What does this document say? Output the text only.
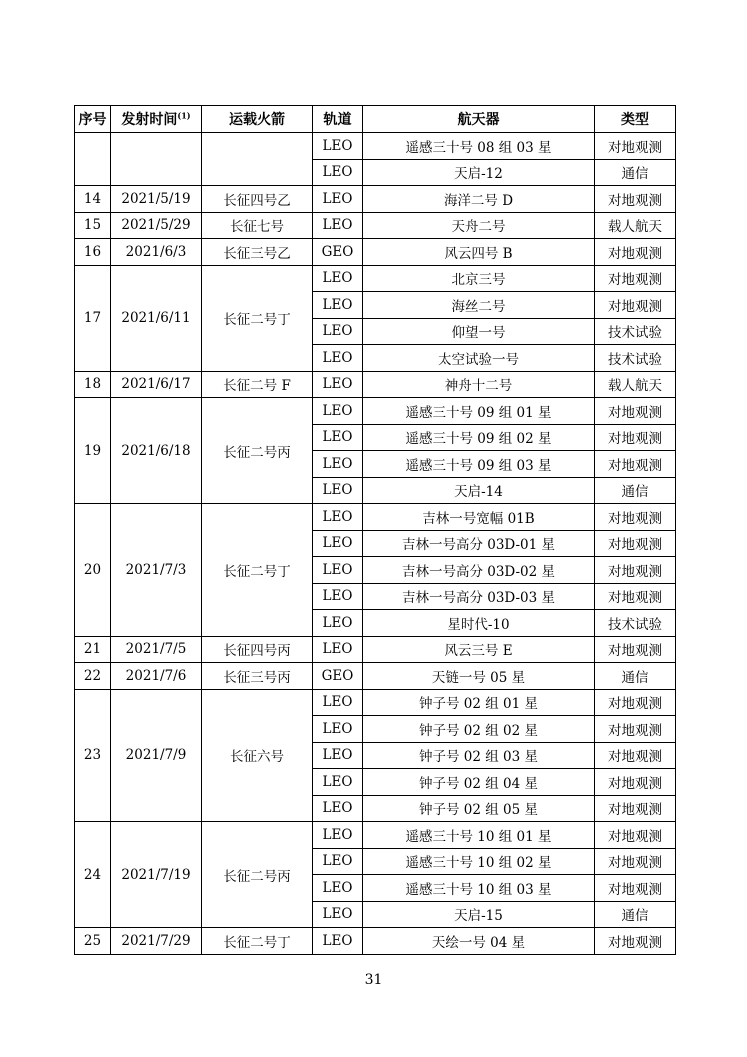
序号	发射时间$^{(1)}$	运载火箭	轨道	航天器	类型
			LEO	遥感三十号 08 组 03 星	对地观测
			LEO	天启-12	通信
14	2021/5/19	长征四号乙	LEO	海洋二号 D	对地观测
15	2021/5/29	长征七号	LEO	天舟二号	载人航天
16	2021/6/3	长征三号乙	GEO	风云四号 B	对地观测
17	2021/6/11	长征二号丁	LEO	北京三号	对地观测
			LEO	海丝二号	对地观测
			LEO	仰望一号	技术试验
			LEO	太空试验一号	技术试验
18	2021/6/17	长征二号 F	LEO	神舟十二号	载人航天
19	2021/6/18	长征二号丙	LEO	遥感三十号 09 组 01 星	对地观测
			LEO	遥感三十号 09 组 02 星	对地观测
			LEO	遥感三十号 09 组 03 星	对地观测
			LEO	天启-14	通信
20	2021/7/3	长征二号丁	LEO	吉林一号宽幅 01B	对地观测
			LEO	吉林一号高分 03D-01 星	对地观测
			LEO	吉林一号高分 03D-02 星	对地观测
			LEO	吉林一号高分 03D-03 星	对地观测
			LEO	星时代-10	技术试验
21	2021/7/5	长征四号丙	LEO	风云三号 E	对地观测
22	2021/7/6	长征三号丙	GEO	天链一号 05 星	通信
23	2021/7/9	长征六号	LEO	钟子号 02 组 01 星	对地观测
			LEO	钟子号 02 组 02 星	对地观测
			LEO	钟子号 02 组 03 星	对地观测
			LEO	钟子号 02 组 04 星	对地观测
			LEO	钟子号 02 组 05 星	对地观测
24	2021/7/19	长征二号丙	LEO	遥感三十号 10 组 01 星	对地观测
			LEO	遥感三十号 10 组 02 星	对地观测
			LEO	遥感三十号 10 组 03 星	对地观测
			LEO	天启-15	通信
25	2021/7/29	长征二号丁	LEO	天绘一号 04 星	对地观测
31
